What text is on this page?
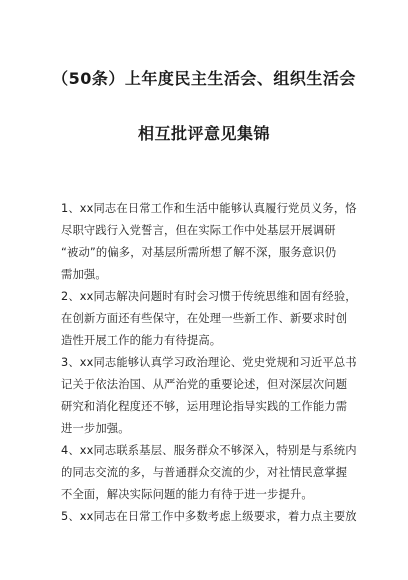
（50条）上年度民主生活会、组织生活会
相互批评意见集锦
1、xx同志在日常工作和生活中能够认真履行党员义务，恪
尽职守践行入党誓言，但在实际工作中处基层开展调研
“被动”的偏多，对基层所需所想了解不深，服务意识仍
需加强。
2、xx同志解决问题时有时会习惯于传统思维和固有经验，
在创新方面还有些保守，在处理一些新工作、新要求时创
造性开展工作的能力有待提高。
3、xx同志能够认真学习政治理论、党史党规和习近平总书
记关于依法治国、从严治党的重要论述，但对深层次问题
研究和消化程度还不够，运用理论指导实践的工作能力需
进一步加强。
4、xx同志联系基层、服务群众不够深入，特别是与系统内
的同志交流的多，与普通群众交流的少，对社情民意掌握
不全面，解决实际问题的能力有待于进一步提升。
5、xx同志在日常工作中多数考虑上级要求，着力点主要放
